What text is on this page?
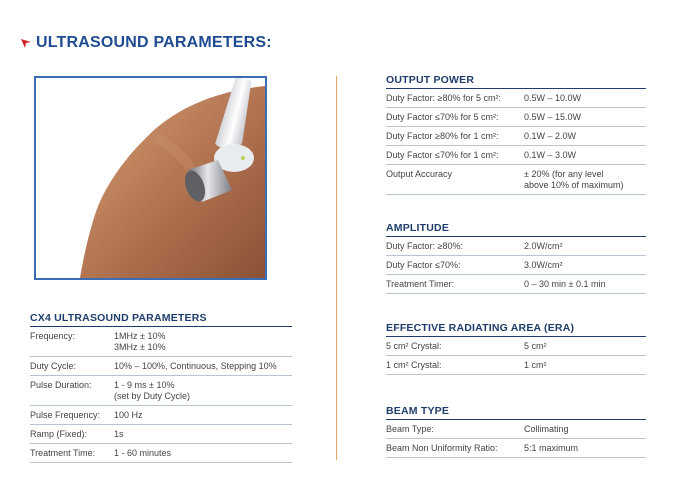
ULTRASOUND PARAMETERS:
CX4 ULTRASOUND PARAMETERS
Frequency:	1MHz ± 10%
3MHz ± 10%
Duty Cycle:	10% – 100%, Continuous, Stepping 10%
Pulse Duration:	1 - 9 ms ± 10%
(set by Duty Cycle)
Pulse Frequency:	100 Hz
Ramp (Fixed):	1s
Treatment Time:	1 - 60 minutes
OUTPUT POWER
Duty Factor: ≥80% for 5 cm²:	0.5W – 10.0W
Duty Factor ≤70% for 5 cm²:	0.5W – 15.0W
Duty Factor ≥80% for 1 cm²:	0.1W – 2.0W
Duty Factor ≤70% for 1 cm²:	0.1W – 3.0W
Output Accuracy	± 20% (for any level
above 10% of maximum)
AMPLITUDE
Duty Factor: ≥80%:	2.0W/cm²
Duty Factor ≤70%:	3.0W/cm²
Treatment Timer:	0 – 30 min ± 0.1 min
EFFECTIVE RADIATING AREA (ERA)
5 cm² Crystal:	5 cm²
1 cm² Crystal:	1 cm²
BEAM TYPE
Beam Type:	Collimating
Beam Non Uniformity Ratio:	5:1 maximum
